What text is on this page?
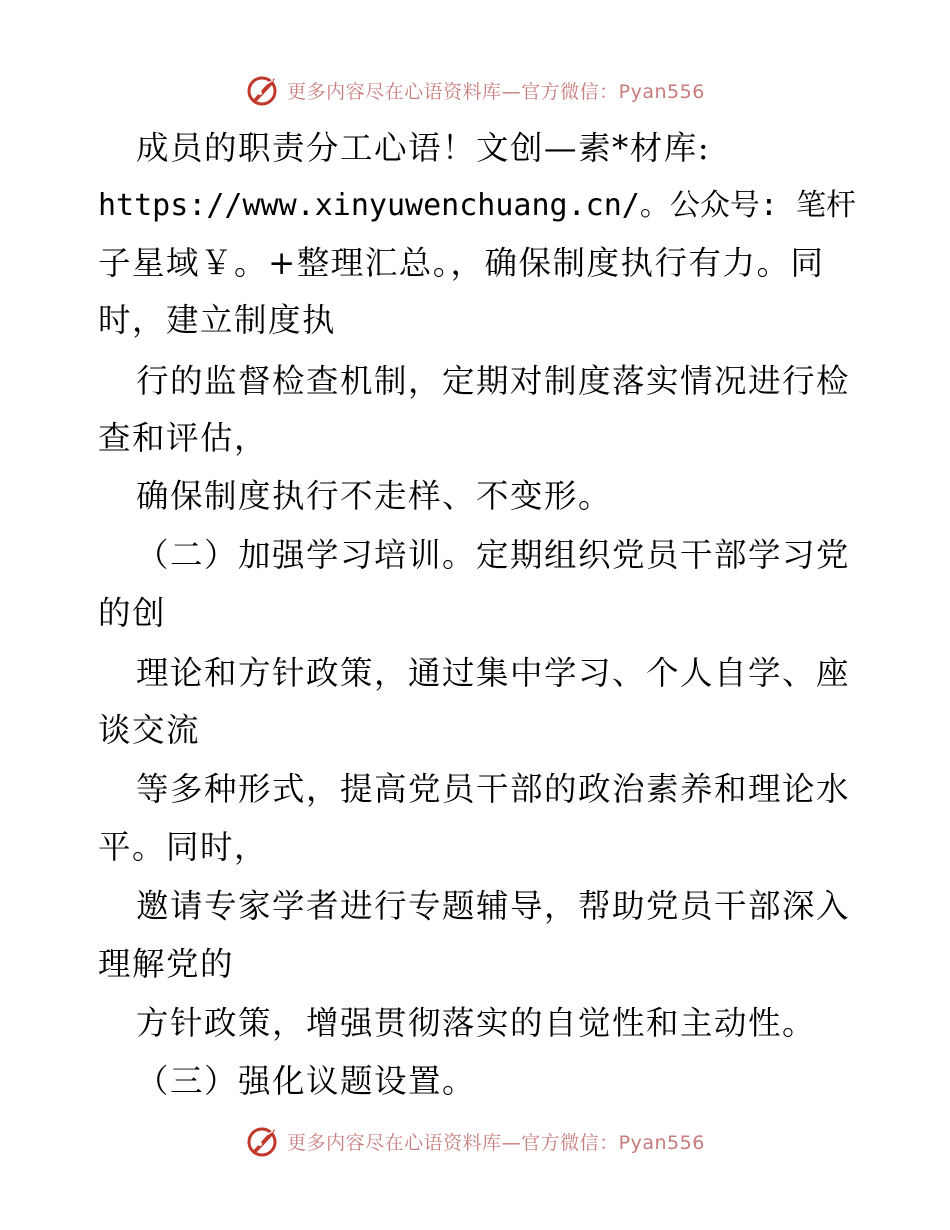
更多内容尽在心语资料库—官方微信：Pyan556
成员的职责分工心语！文创—素*材库:
https://www.xinyuwenchuang.cn/。公众号: 笔杆
子星域￥。+整理汇总。，确保制度执行有力。同
时，建立制度执
行的监督检查机制，定期对制度落实情况进行检
查和评估，
确保制度执行不走样、不变形。
（二）加强学习培训。定期组织党员干部学习党
的创
理论和方针政策，通过集中学习、个人自学、座
谈交流
等多种形式，提高党员干部的政治素养和理论水
平。同时，
邀请专家学者进行专题辅导，帮助党员干部深入
理解党的
方针政策，增强贯彻落实的自觉性和主动性。
（三）强化议题设置。
更多内容尽在心语资料库—官方微信：Pyan556
